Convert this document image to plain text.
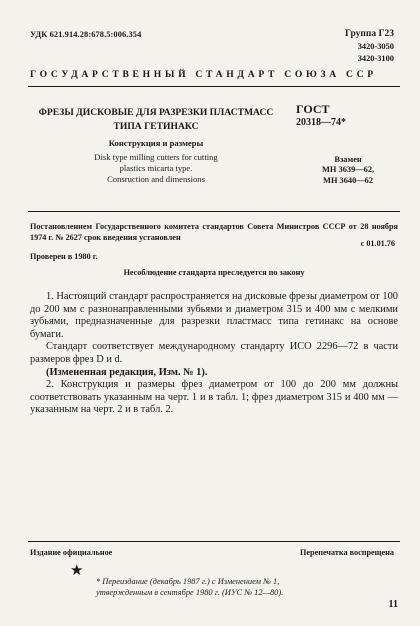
УДК 621.914.28:678.5:006.354	Группа Г23
3420-3050
3420-3100
ГОСУДАРСТВЕННЫЙ СТАНДАРТ СОЮЗА ССР
ФРЕЗЫ ДИСКОВЫЕ ДЛЯ РАЗРЕЗКИ ПЛАСТМАСС
ТИПА ГЕТИНАКС
Конструкция и размеры
Disk type milling cutters for cutting
plastics micarta type.
Consruction and dimensions
ГОСТ
20318—74*
Взамен
МН 3639—62,
МН 3640—62
Постановлением Государственного комитета стандартов Совета Министров СССР от 28 ноября 1974 г. № 2627 срок введения установлен
с 01.01.76
Проверен в 1980 г.
Несоблюдение стандарта преследуется по закону

1. Настоящий стандарт распространяется на дисковые фрезы диаметром от 100 до 200 мм с разнонаправленными зубьями и диаметром 315 и 400 мм с мелкими зубьями, предназначенные для разрезки пластмасс типа гетинакс на основе бумаги.

Стандарт соответствует международному стандарту ИСО 2296—72 в части размеров фрез D и d.

(Измененная редакция, Изм. № 1).

2. Конструкция и размеры фрез диаметром от 100 до 200 мм должны соответствовать указанным на черт. 1 и в табл. 1; фрез диаметром 315 и 400 мм — указанным на черт. 2 и в табл. 2.

Издание официальное	Перепечатка воспрещена
★
* Переиздание (декабрь 1987 г.) с Изменением № 1,
утвержденным в сентябре 1980 г. (ИУС № 12—80).
11
